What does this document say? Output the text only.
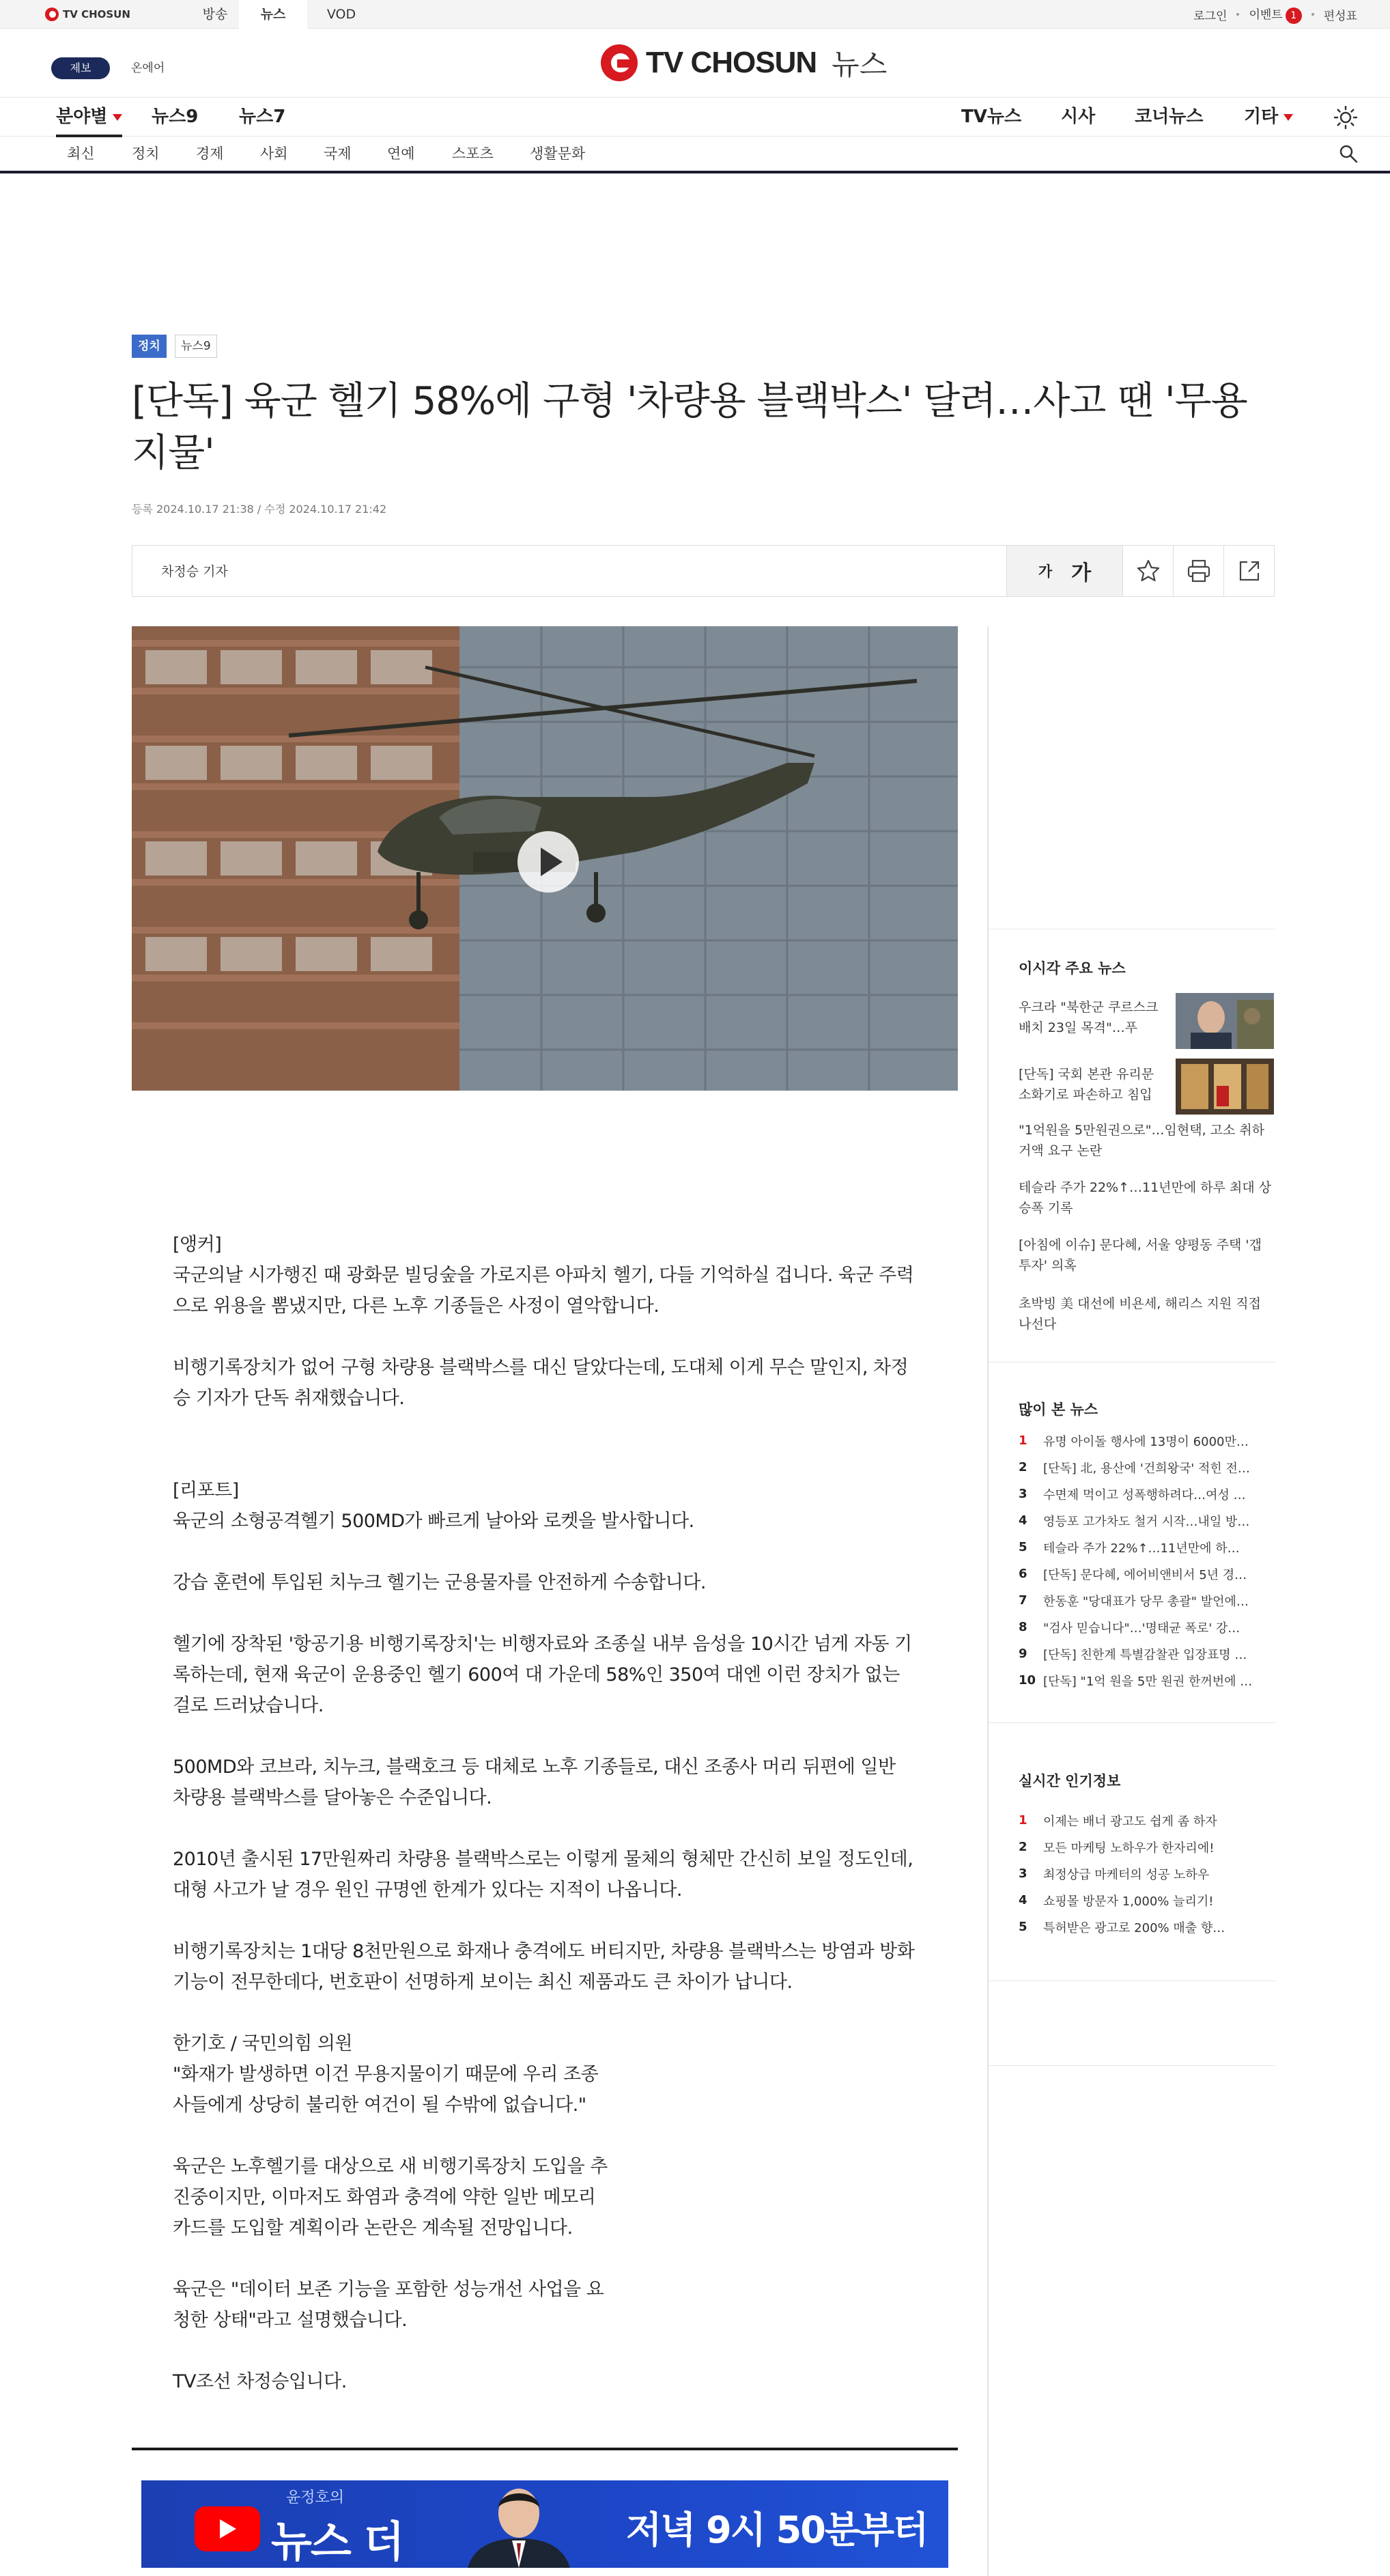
TV CHOSUN	방송	뉴스	VOD	로그인 이벤트 1	편성표
제보	온에어	TV CHOSUN 뉴스
분야별	뉴스9 뉴스7	TV뉴스 시사 코너뉴스 기타
최신	정치	경제	사회 국제 연예	스포츠	생활문화
정치	뉴스9
[단독] 육군 헬기 58%에 구형 '차량용 블랙박스' 달려…사고 땐 '무용지물'
등록 2024.10.17 21:38 / 수정 2024.10.17 21:42
차정승 기자	가 가
[앵커]
국군의날 시가행진 때 광화문 빌딩숲을 가로지른 아파치 헬기, 다들 기억하실 겁니다. 육군 주력으로 위용을 뽐냈지만, 다른 노후 기종들은 사정이 열악합니다.
비행기록장치가 없어 구형 차량용 블랙박스를 대신 달았다는데, 도대체 이게 무슨 말인지, 차정승 기자가 단독 취재했습니다.
[리포트]
육군의 소형공격헬기 500MD가 빠르게 날아와 로켓을 발사합니다.
강습 훈련에 투입된 치누크 헬기는 군용물자를 안전하게 수송합니다.
헬기에 장착된 '항공기용 비행기록장치'는 비행자료와 조종실 내부 음성을 10시간 넘게 자동 기록하는데, 현재 육군이 운용중인 헬기 600여 대 가운데 58%인 350여 대엔 이런 장치가 없는 걸로 드러났습니다.
500MD와 코브라, 치누크, 블랙호크 등 대체로 노후 기종들로, 대신 조종사 머리 뒤편에 일반 차량용 블랙박스를 달아놓은 수준입니다.
2010년 출시된 17만원짜리 차량용 블랙박스로는 이렇게 물체의 형체만 간신히 보일 정도인데, 대형 사고가 날 경우 원인 규명엔 한계가 있다는 지적이 나옵니다.
비행기록장치는 1대당 8천만원으로 화재나 충격에도 버티지만, 차량용 블랙박스는 방염과 방화 기능이 전무한데다, 번호판이 선명하게 보이는 최신 제품과도 큰 차이가 납니다.
한기호 / 국민의힘 의원
"화재가 발생하면 이건 무용지물이기 때문에 우리 조종사들에게 상당히 불리한 여건이 될 수밖에 없습니다."
육군은 노후헬기를 대상으로 새 비행기록장치 도입을 추진중이지만, 이마저도 화염과 충격에 약한 일반 메모리카드를 도입할 계획이라 논란은 계속될 전망입니다.
육군은 "데이터 보존 기능을 포함한 성능개선 사업을 요청한 상태"라고 설명했습니다.
TV조선 차정승입니다.
윤정호의
뉴스 더	저녁 9시 50분부터
이시각 주요 뉴스
우크라 "북한군 쿠르스크 배치 23일 목격"…푸
[단독] 국회 본관 유리문 소화기로 파손하고 침입
"1억원을 5만원권으로"…임현택, 고소 취하 거액 요구 논란
테슬라 주가 22%↑…11년만에 하루 최대 상승폭 기록
[아침에 이슈] 문다혜, 서울 양평동 주택 '갭투자' 의혹
초박빙 美 대선에 비욘세, 해리스 지원 직접 나선다
많이 본 뉴스
1	유명 아이돌 행사에 13명이 6000만…
2	[단독] 北, 용산에 '건희왕국' 적힌 전…
3	수면제 먹이고 성폭행하려다…여성 …
4	영등포 고가차도 철거 시작…내일 방…
5	테슬라 주가 22%↑…11년만에 하…
6	[단독] 문다혜, 에어비앤비서 5년 경…
7	한동훈 "당대표가 당무 총괄" 발언에…
8	"검사 믿습니다"…'명태균 폭로' 강…
9	[단독] 친한계 특별감찰관 입장표명 …
10 [단독] "1억 원을 5만 원권 한꺼번에 …
실시간 인기정보
1	이제는 배너 광고도 쉽게 좀 하자
2	모든 마케팅 노하우가 한자리에!
3	최정상급 마케터의 성공 노하우
4	쇼핑몰 방문자 1,000% 늘리기!
5	특허받은 광고로 200% 매출 향…
